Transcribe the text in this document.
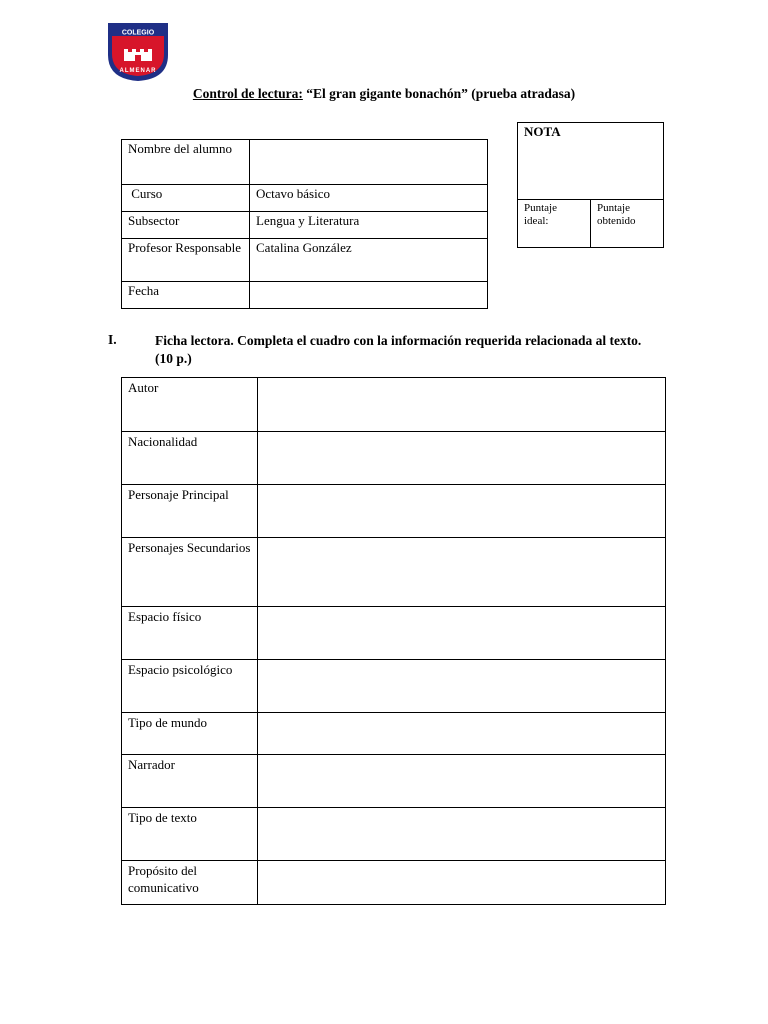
COLEGIO
ALMENAR
Control de lectura: “El gran gigante bonachón” (prueba atradasa)
Nombre del alumno	
Curso	Octavo básico
Subsector	Lengua y Literatura
Profesor Responsable	Catalina González
Fecha	
NOTA
Puntaje ideal:	Puntaje obtenido
I.	Ficha lectora. Completa el cuadro con la información requerida relacionada al texto. (10 p.)
Autor	
Nacionalidad	
Personaje Principal	
Personajes Secundarios	
Espacio físico	
Espacio psicológico	
Tipo de mundo	
Narrador	
Tipo de texto	
Propósito del comunicativo	
